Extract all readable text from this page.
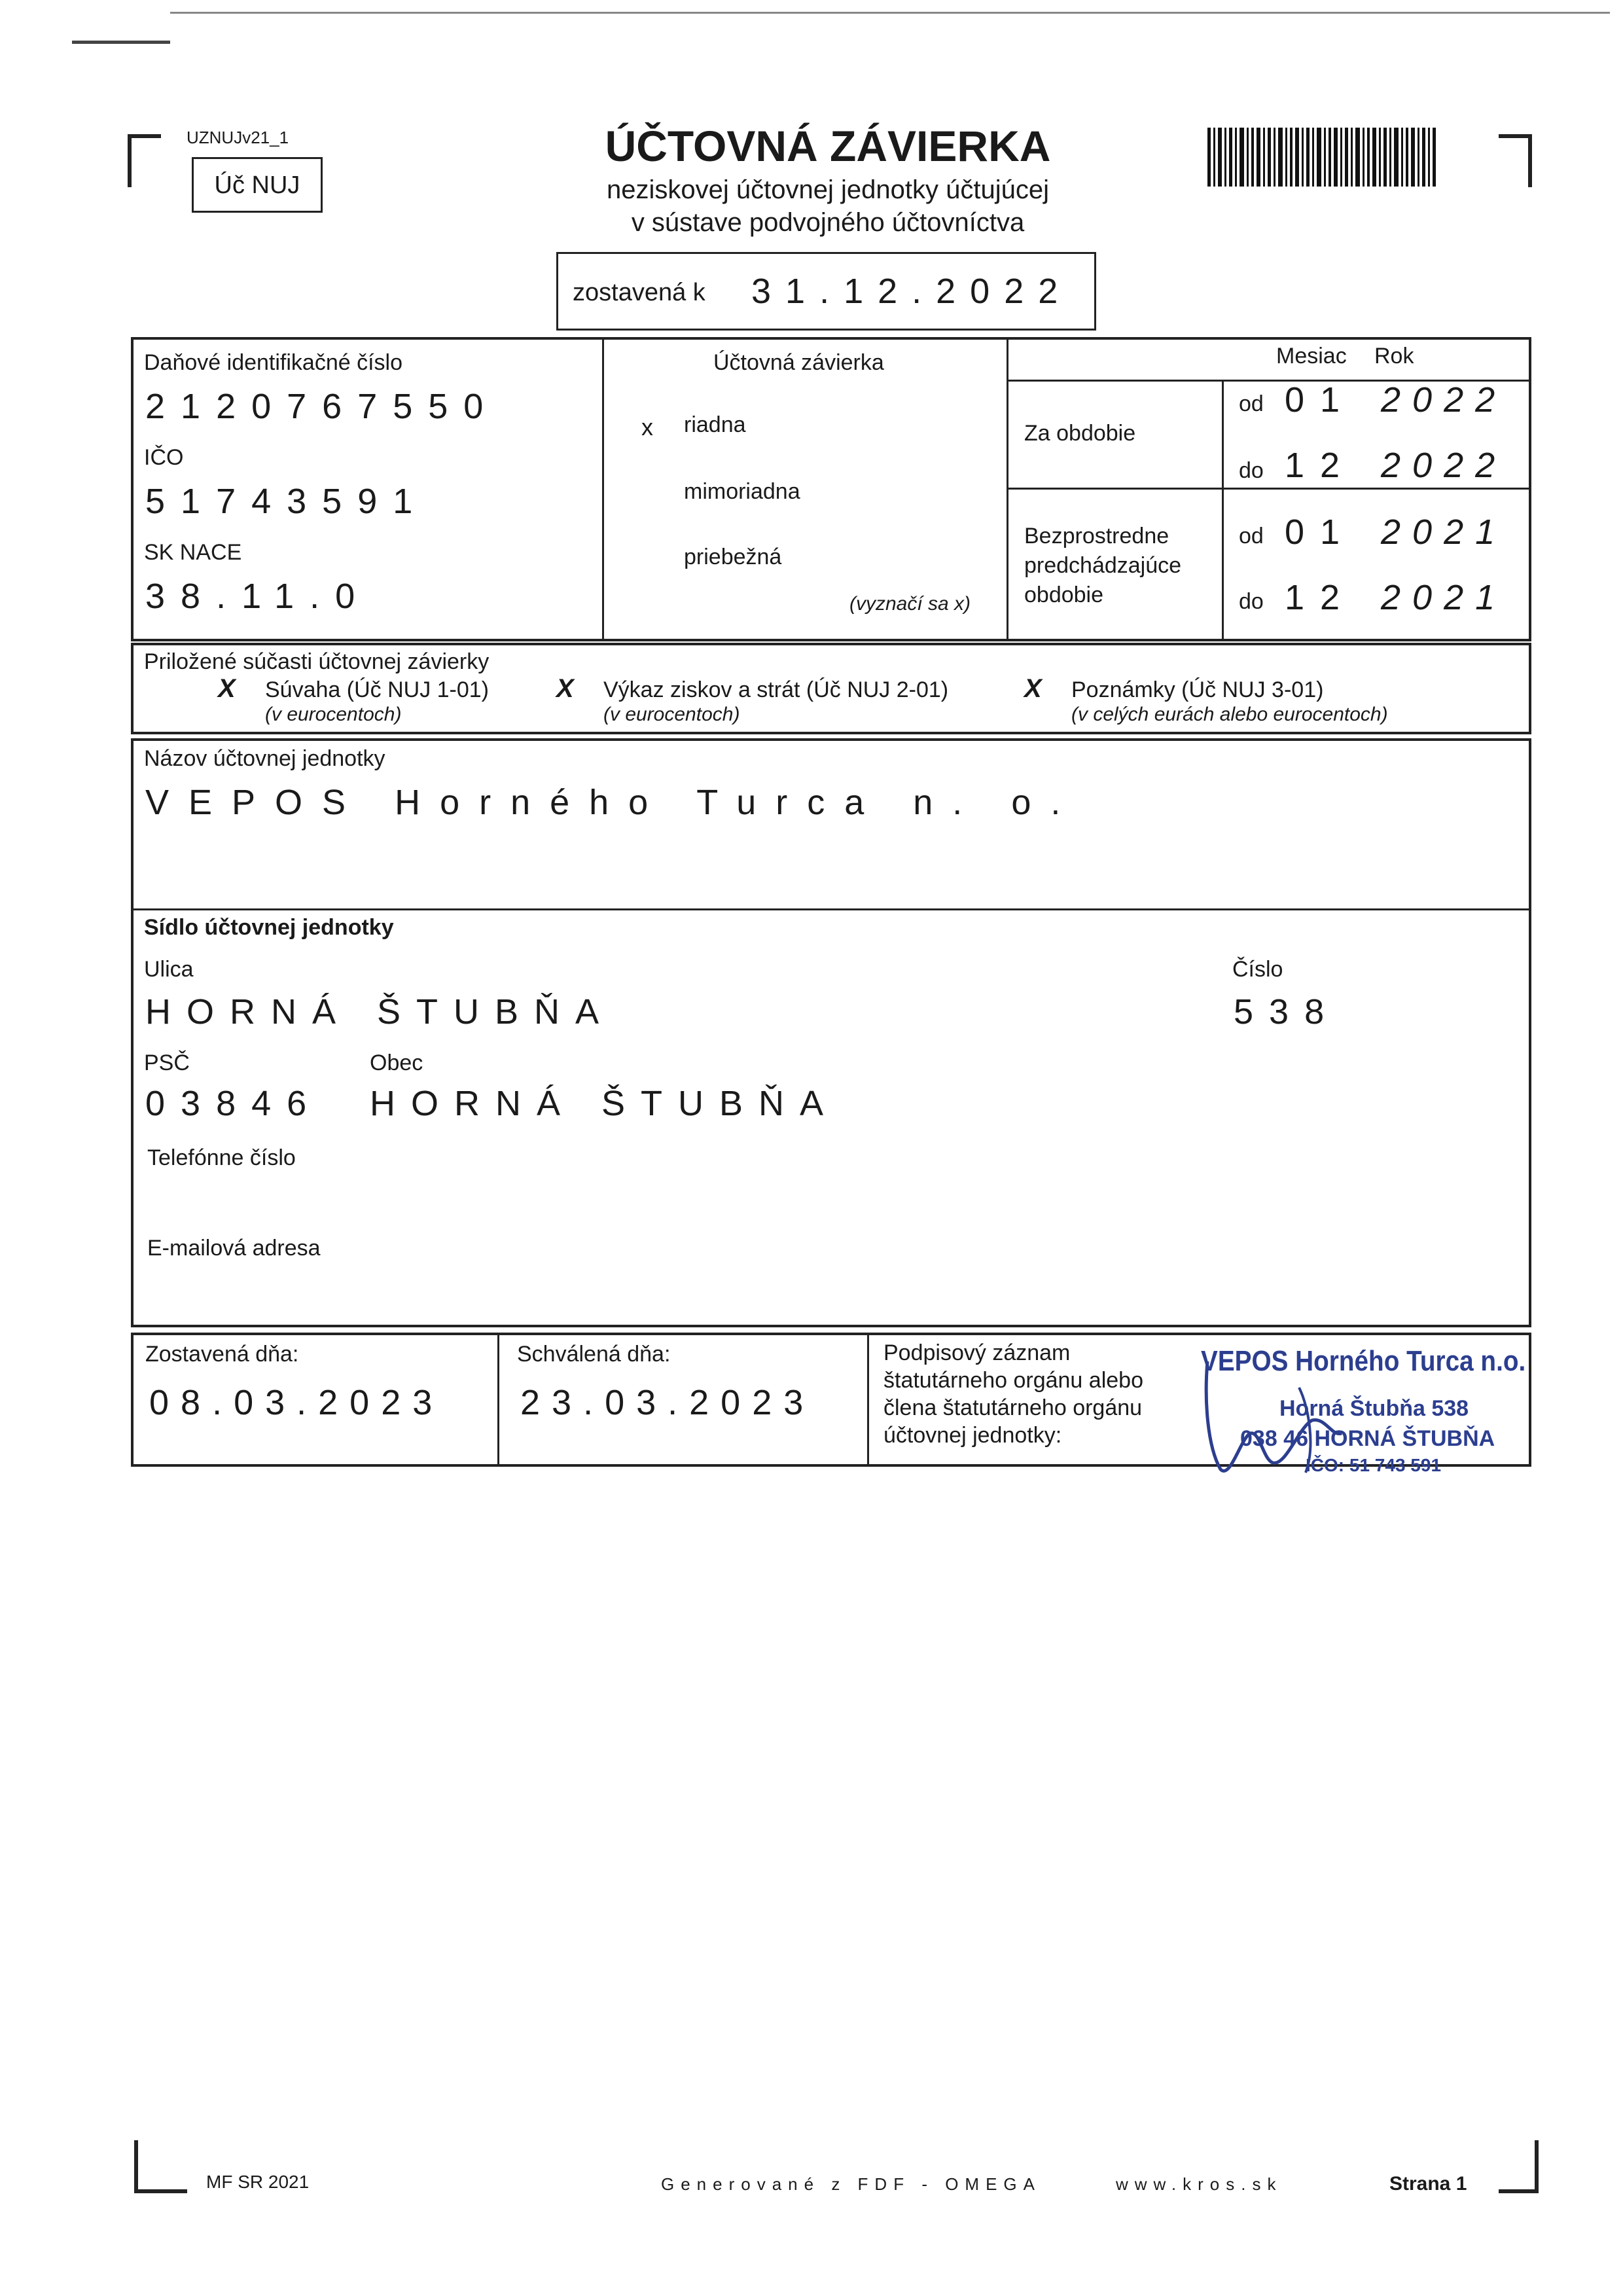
UZNUJv21_1
Úč NUJ
ÚČTOVNÁ ZÁVIERKA
neziskovej účtovnej jednotky účtujúcej
v sústave podvojného účtovníctva
zostavená k 31.12.2022
Daňové identifikačné číslo
2120767550
IČO
51743591
SK NACE
38.11.0
Účtovná závierka
x riadna
mimoriadna
priebežná
(vyznačí sa x)
Mesiac Rok
Za obdobie
Bezprostredne
predchádzajúce
obdobie
od 01 2022
do 12 2022
od 01 2021
do 12 2021
Priložené súčasti účtovnej závierky
X Súvaha (Úč NUJ 1-01)
(v eurocentoch)
X Výkaz ziskov a strát (Úč NUJ 2-01)
(v eurocentoch)
X Poznámky (Úč NUJ 3-01)
(v celých eurách alebo eurocentoch)
Názov účtovnej jednotky
VEPOS Horného Turca n. o.
Sídlo účtovnej jednotky
Ulica
HORNÁ ŠTUBŇA
Číslo
538
PSČ	Obec
03846 HORNÁ ŠTUBŇA
Telefónne číslo
E-mailová adresa
Zostavená dňa:
08.03.2023
Schválená dňa:
23.03.2023
Podpisový záznam
štatutárneho orgánu alebo
člena štatutárneho orgánu
účtovnej jednotky:
VEPOS Horného Turca n.o.
Horná Štubňa 538
038 46 HORNÁ ŠTUBŇA
IČO: 51 743 591
MF SR 2021	Generované z FDF - OMEGA	www.kros.sk	Strana 1
